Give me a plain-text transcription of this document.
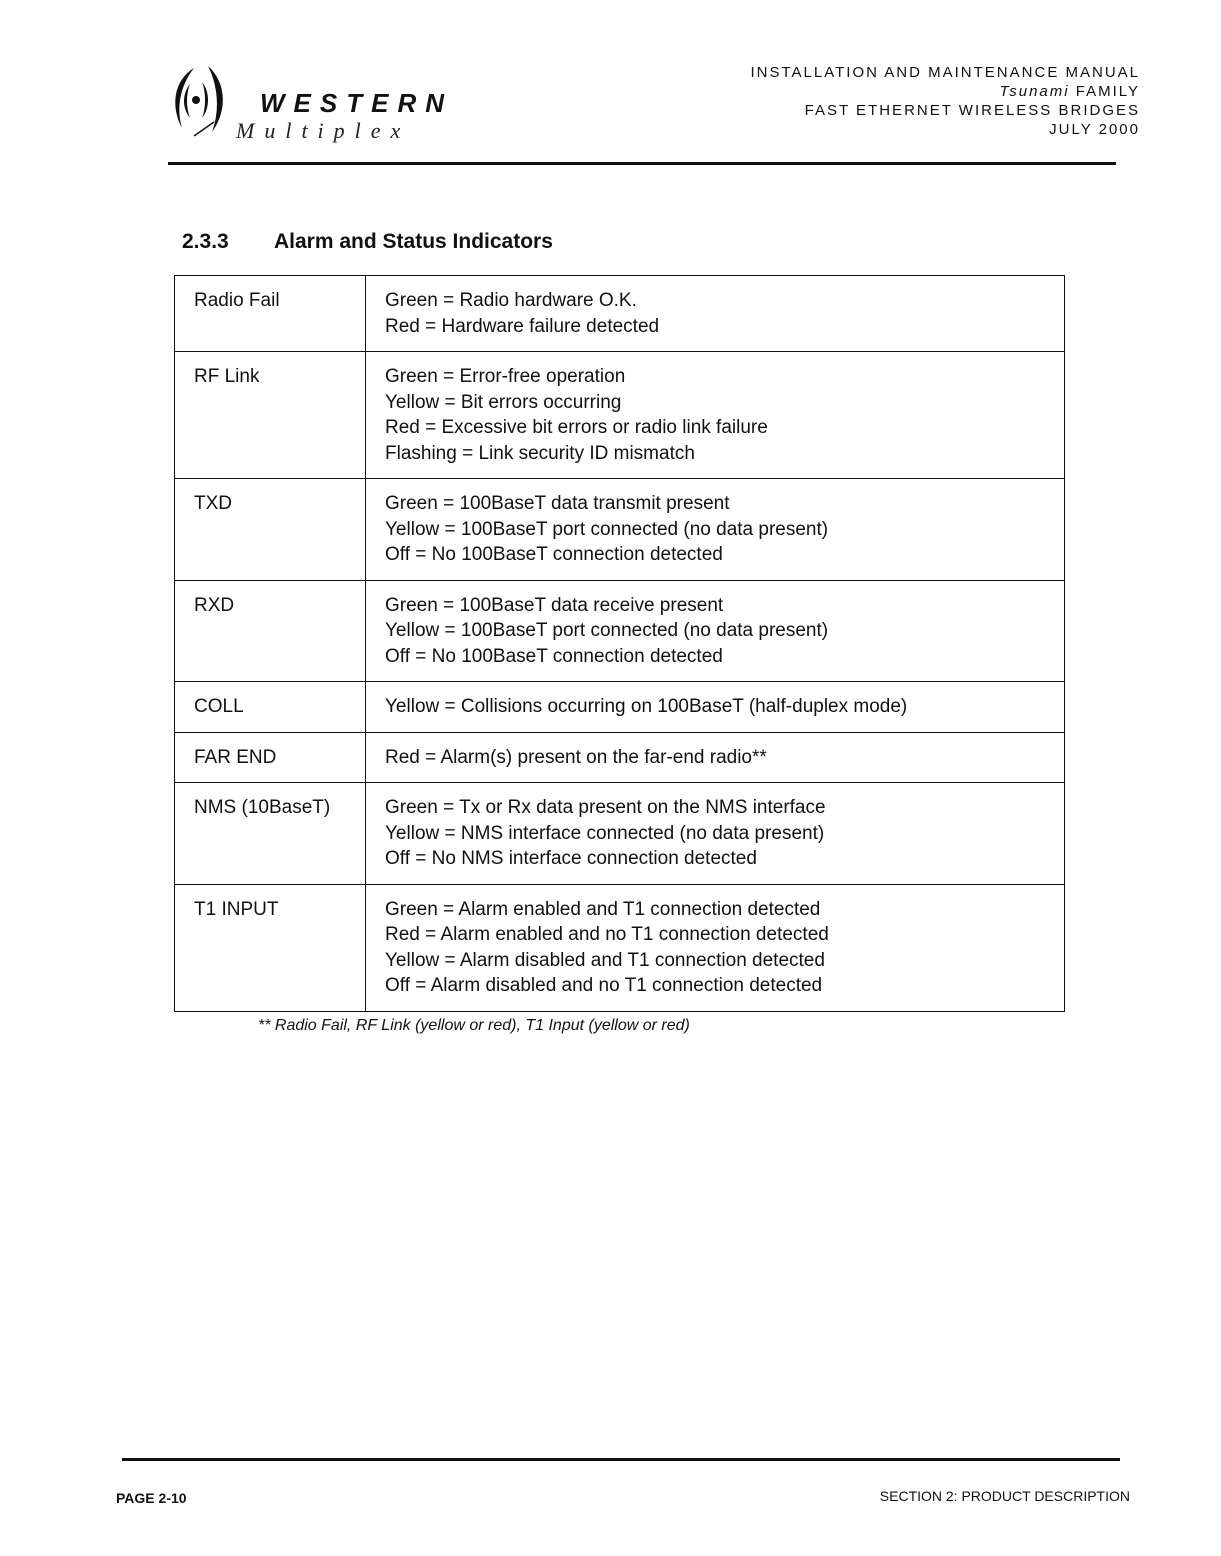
WESTERN
Multiplex
INSTALLATION AND MAINTENANCE MANUAL
Tsunami FAMILY
FAST ETHERNET WIRELESS BRIDGES
JULY 2000
2.3.3 Alarm and Status Indicators
Radio Fail	Green = Radio hardware O.K.
Red = Hardware failure detected

RF Link	Green = Error-free operation
Yellow = Bit errors occurring
Red = Excessive bit errors or radio link failure
Flashing = Link security ID mismatch

TXD	Green = 100BaseT data transmit present
Yellow = 100BaseT port connected (no data present)
Off = No 100BaseT connection detected

RXD	Green = 100BaseT data receive present
Yellow = 100BaseT port connected (no data present)
Off = No 100BaseT connection detected

COLL	Yellow = Collisions occurring on 100BaseT (half-duplex mode)

FAR END	Red = Alarm(s) present on the far-end radio**

NMS (10BaseT)	Green = Tx or Rx data present on the NMS interface
Yellow = NMS interface connected (no data present)
Off = No NMS interface connection detected

T1 INPUT	Green = Alarm enabled and T1 connection detected
Red = Alarm enabled and no T1 connection detected
Yellow = Alarm disabled and T1 connection detected
Off = Alarm disabled and no T1 connection detected
** Radio Fail, RF Link (yellow or red), T1 Input (yellow or red)
PAGE 2-10	SECTION 2: PRODUCT DESCRIPTION
